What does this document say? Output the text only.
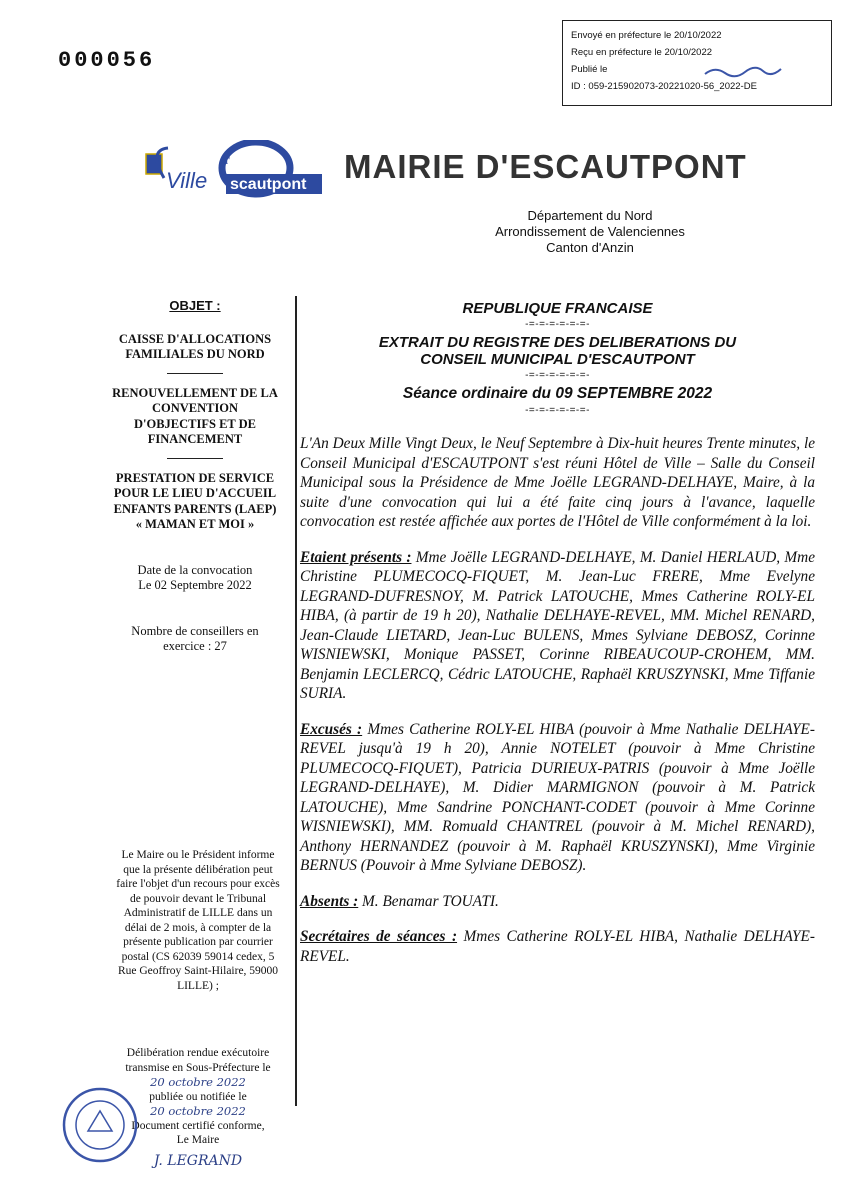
000056
Envoyé en préfecture le 20/10/2022
Reçu en préfecture le 20/10/2022
Publié le
ID : 059-215902073-20221020-56_2022-DE
Ville
d'
scautpont MAIRIE D'ESCAUTPONT
Département du Nord
Arrondissement de Valenciennes
Canton d'Anzin
OBJET :
CAISSE D'ALLOCATIONS FAMILIALES DU NORD
RENOUVELLEMENT DE LA CONVENTION D'OBJECTIFS ET DE FINANCEMENT
PRESTATION DE SERVICE POUR LE LIEU D'ACCUEIL ENFANTS PARENTS (LAEP) « MAMAN ET MOI »
Date de la convocation
Le 02 Septembre 2022
Nombre de conseillers en exercice : 27
Le Maire ou le Président informe que la présente délibération peut faire l'objet d'un recours pour excès de pouvoir devant le Tribunal Administratif de LILLE dans un délai de 2 mois, à compter de la présente publication par courrier postal (CS 62039 59014 cedex, 5 Rue Geoffroy Saint-Hilaire, 59000 LILLE) ;
Délibération rendue exécutoire
transmise en Sous-Préfecture le
20 octobre 2022
publiée ou notifiée le
20 octobre 2022
Document certifié conforme,
Le Maire
J. LEGRAND
REPUBLIQUE FRANCAISE
-=-=-=-=-=-=-
EXTRAIT DU REGISTRE DES DELIBERATIONS DU
CONSEIL MUNICIPAL D'ESCAUTPONT
-=-=-=-=-=-=-
Séance ordinaire du 09 SEPTEMBRE 2022
-=-=-=-=-=-=-

L'An Deux Mille Vingt Deux, le Neuf Septembre à Dix-huit heures Trente minutes, le Conseil Municipal d'ESCAUTPONT s'est réuni Hôtel de Ville – Salle du Conseil Municipal sous la Présidence de Mme Joëlle LEGRAND-DELHAYE, Maire, à la suite d'une convocation qui lui a été faite cinq jours à l'avance, laquelle convocation est restée affichée aux portes de l'Hôtel de Ville conformément à la loi.

Etaient présents : Mme Joëlle LEGRAND-DELHAYE, M. Daniel HERLAUD, Mme Christine PLUMECOCQ-FIQUET, M. Jean-Luc FRERE, Mme Evelyne LEGRAND-DUFRESNOY, M. Patrick LATOUCHE, Mmes Catherine ROLY-EL HIBA, (à partir de 19 h 20), Nathalie DELHAYE-REVEL, MM. Michel RENARD, Jean-Claude LIETARD, Jean-Luc BULENS, Mmes Sylviane DEBOSZ, Corinne WISNIEWSKI, Monique PASSET, Corinne RIBEAUCOUP-CROHEM, MM. Benjamin LECLERCQ, Cédric LATOUCHE, Raphaël KRUSZYNSKI, Mme Tiffanie SURIA.

Excusés : Mmes Catherine ROLY-EL HIBA (pouvoir à Mme Nathalie DELHAYE-REVEL jusqu'à 19 h 20), Annie NOTELET (pouvoir à Mme Christine PLUMECOCQ-FIQUET), Patricia DURIEUX-PATRIS (pouvoir à Mme Joëlle LEGRAND-DELHAYE), M. Didier MARMIGNON (pouvoir à M. Patrick LATOUCHE), Mme Sandrine PONCHANT-CODET (pouvoir à Mme Corinne WISNIEWSKI), MM. Romuald CHANTREL (pouvoir à M. Michel RENARD), Anthony HERNANDEZ (pouvoir à M. Raphaël KRUSZYNSKI), Mme Virginie BERNUS (Pouvoir à Mme Sylviane DEBOSZ).

Absents : M. Benamar TOUATI.

Secrétaires de séances : Mmes Catherine ROLY-EL HIBA, Nathalie DELHAYE-REVEL.
